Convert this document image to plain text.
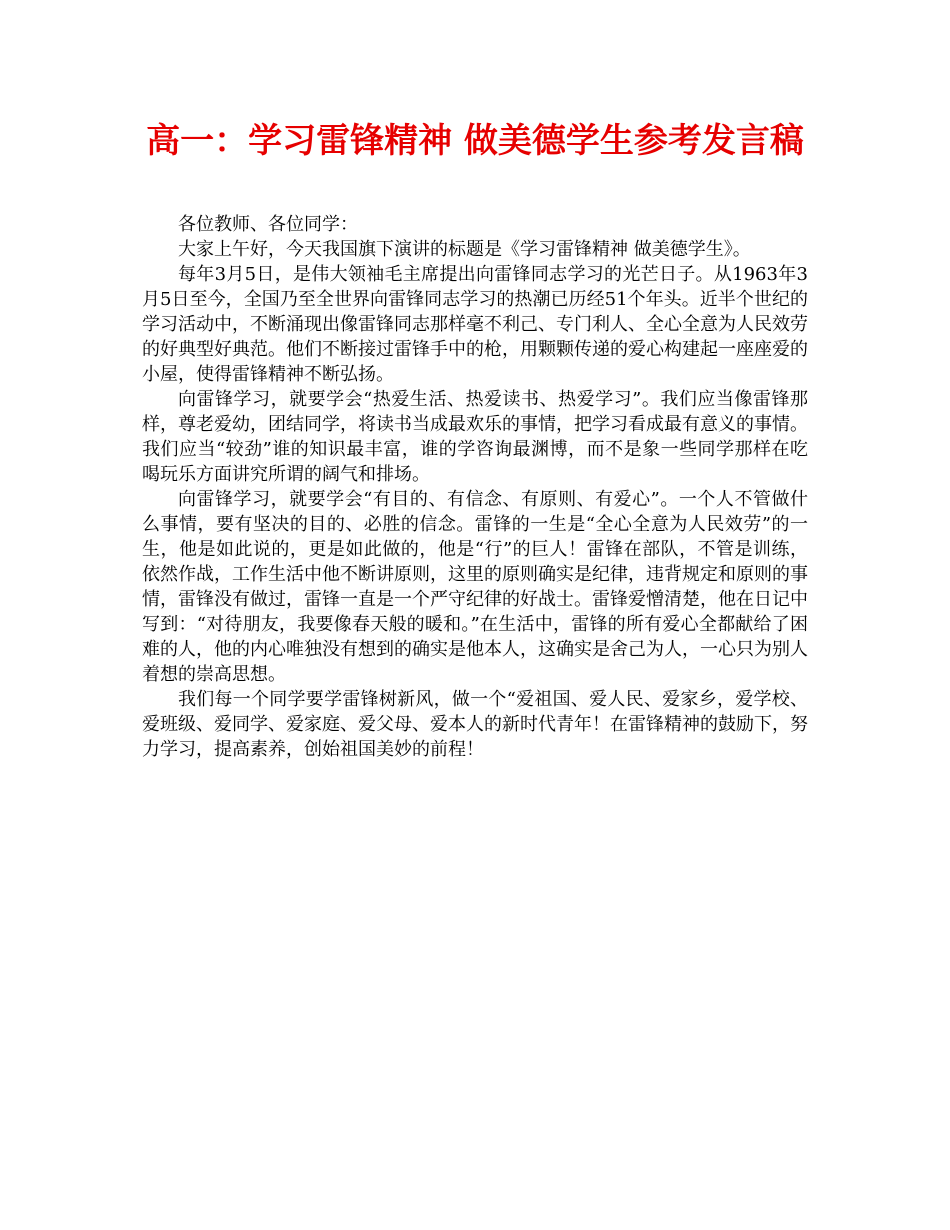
高一：学习雷锋精神 做美德学生参考发言稿

各位教师、各位同学：

大家上午好，今天我国旗下演讲的标题是《学习雷锋精神 做美德学生》。

每年3月5日，是伟大领袖毛主席提出向雷锋同志学习的光芒日子。从1963年3月5日至今，全国乃至全世界向雷锋同志学习的热潮已历经51个年头。近半个世纪的学习活动中，不断涌现出像雷锋同志那样毫不利己、专门利人、全心全意为人民效劳的好典型好典范。他们不断接过雷锋手中的枪，用颗颗传递的爱心构建起一座座爱的小屋，使得雷锋精神不断弘扬。

向雷锋学习，就要学会“热爱生活、热爱读书、热爱学习”。我们应当像雷锋那样，尊老爱幼，团结同学，将读书当成最欢乐的事情，把学习看成最有意义的事情。我们应当“较劲”谁的知识最丰富，谁的学咨询最渊博，而不是象一些同学那样在吃喝玩乐方面讲究所谓的阔气和排场。

向雷锋学习，就要学会“有目的、有信念、有原则、有爱心”。一个人不管做什么事情，要有坚决的目的、必胜的信念。雷锋的一生是“全心全意为人民效劳”的一生，他是如此说的，更是如此做的，他是“行”的巨人！雷锋在部队，不管是训练，依然作战，工作生活中他不断讲原则，这里的原则确实是纪律，违背规定和原则的事情，雷锋没有做过，雷锋一直是一个严守纪律的好战士。雷锋爱憎清楚，他在日记中写到：“对待朋友，我要像春天般的暖和。”在生活中，雷锋的所有爱心全都献给了困难的人，他的内心唯独没有想到的确实是他本人，这确实是舍己为人，一心只为别人着想的崇高思想。

我们每一个同学要学雷锋树新风，做一个“爱祖国、爱人民、爱家乡，爱学校、爱班级、爱同学、爱家庭、爱父母、爱本人的新时代青年！在雷锋精神的鼓励下，努力学习，提高素养，创始祖国美妙的前程！
